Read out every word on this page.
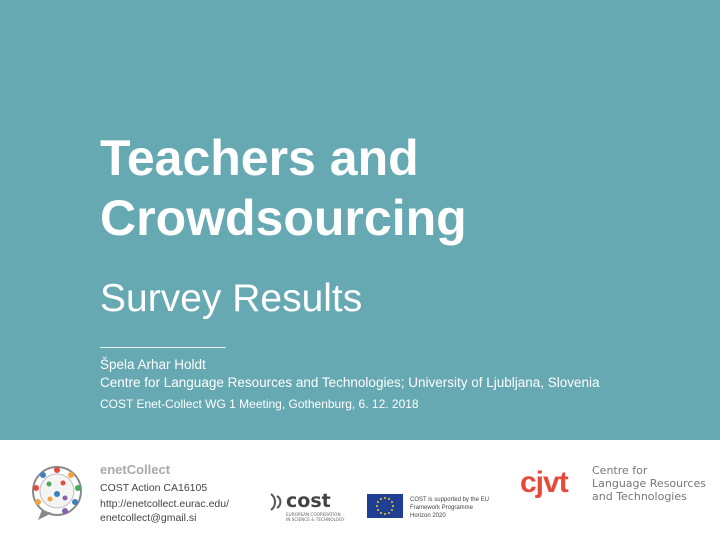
Teachers and
Crowdsourcing
Survey Results
Špela Arhar Holdt
Centre for Language Resources and Technologies; University of Ljubljana, Slovenia
COST Enet-Collect WG 1 Meeting, Gothenburg, 6. 12. 2018
enetCollect
COST Action CA16105
http://enetcollect.eurac.edu/
enetcollect@gmail.si
cost
EUROPEAN COOPERATION
IN SCIENCE & TECHNOLOGY
COST is supported by the EU
Framework Programme
Horizon 2020
cjvt Centre for
Language Resources
and Technologies
